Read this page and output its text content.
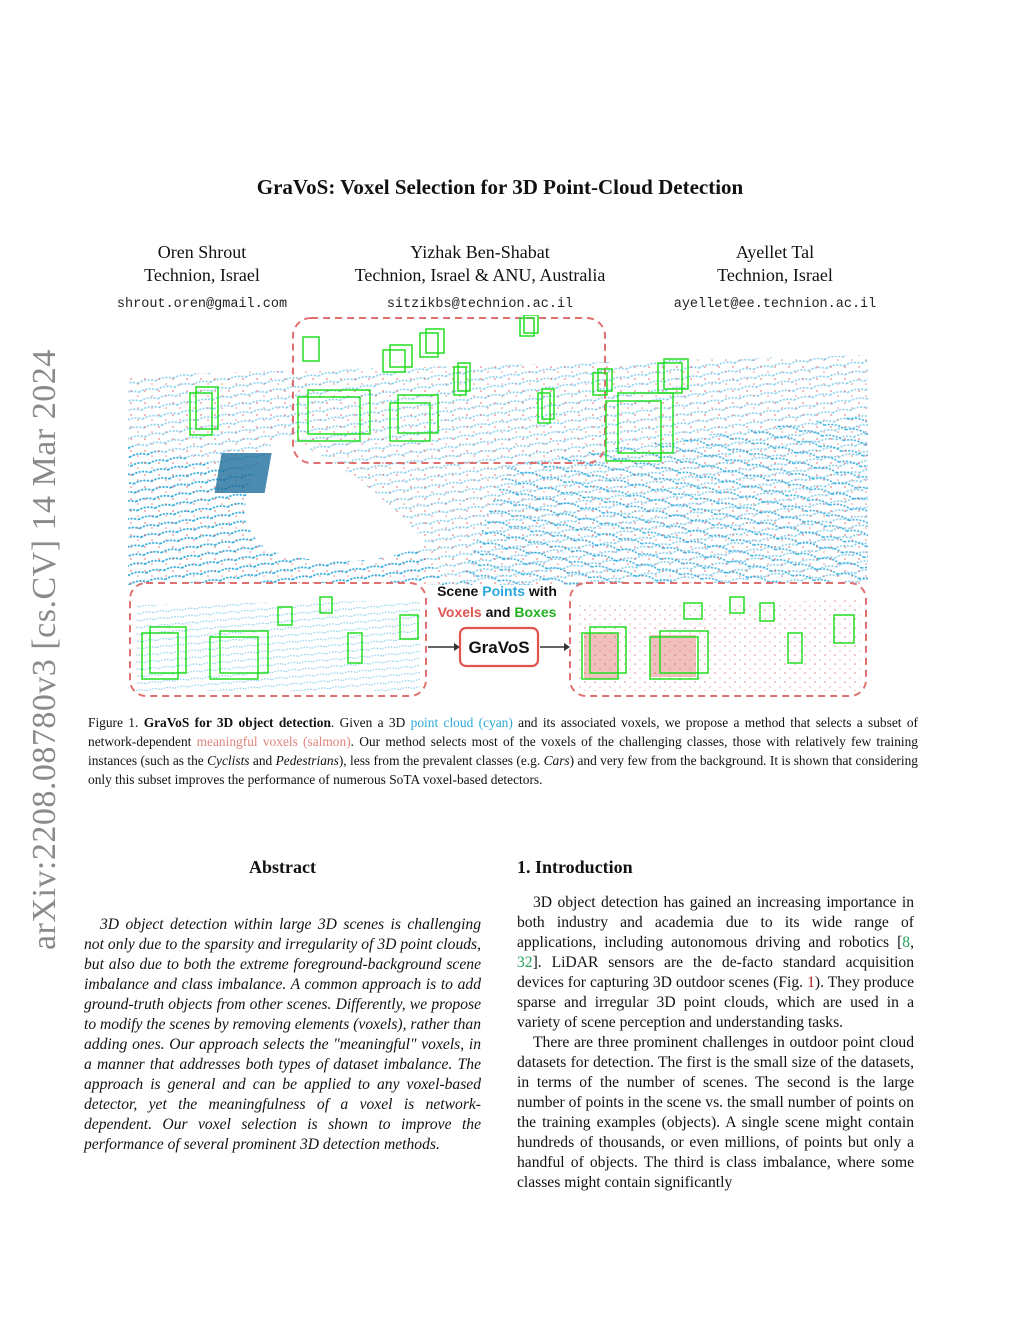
arXiv:2208.08780v3 [cs.CV] 14 Mar 2024
GraVoS: Voxel Selection for 3D Point-Cloud Detection
Oren Shrout
Technion, Israel
shrout.oren@gmail.com
Yizhak Ben-Shabat
Technion, Israel & ANU, Australia
sitzikbs@technion.ac.il
Ayellet Tal
Technion, Israel
ayellet@ee.technion.ac.il
Scene Points with
Voxels and Boxes
GraVoS
Figure 1. GraVoS for 3D object detection. Given a 3D point cloud (cyan) and its associated voxels, we propose a method that selects a subset of network-dependent meaningful voxels (salmon). Our method selects most of the voxels of the challenging classes, those with relatively few training instances (such as the Cyclists and Pedestrians), less from the prevalent classes (e.g. Cars) and very few from the background. It is shown that considering only this subset improves the performance of numerous SoTA voxel-based detectors.
Abstract

3D object detection within large 3D scenes is challenging not only due to the sparsity and irregularity of 3D point clouds, but also due to both the extreme foreground-background scene imbalance and class imbalance. A common approach is to add ground-truth objects from other scenes. Differently, we propose to modify the scenes by removing elements (voxels), rather than adding ones. Our approach selects the "meaningful" voxels, in a manner that addresses both types of dataset imbalance. The approach is general and can be applied to any voxel-based detector, yet the meaningfulness of a voxel is network-dependent. Our voxel selection is shown to improve the performance of several prominent 3D detection methods.

1. Introduction

3D object detection has gained an increasing importance in both industry and academia due to its wide range of applications, including autonomous driving and robotics [8, 32]. LiDAR sensors are the de-facto standard acquisition devices for capturing 3D outdoor scenes (Fig. 1). They produce sparse and irregular 3D point clouds, which are used in a variety of scene perception and understanding tasks.

There are three prominent challenges in outdoor point cloud datasets for detection. The first is the small size of the datasets, in terms of the number of scenes. The second is the large number of points in the scene vs. the small number of points on the training examples (objects). A single scene might contain hundreds of thousands, or even millions, of points but only a handful of objects. The third is class imbalance, where some classes might contain significantly
